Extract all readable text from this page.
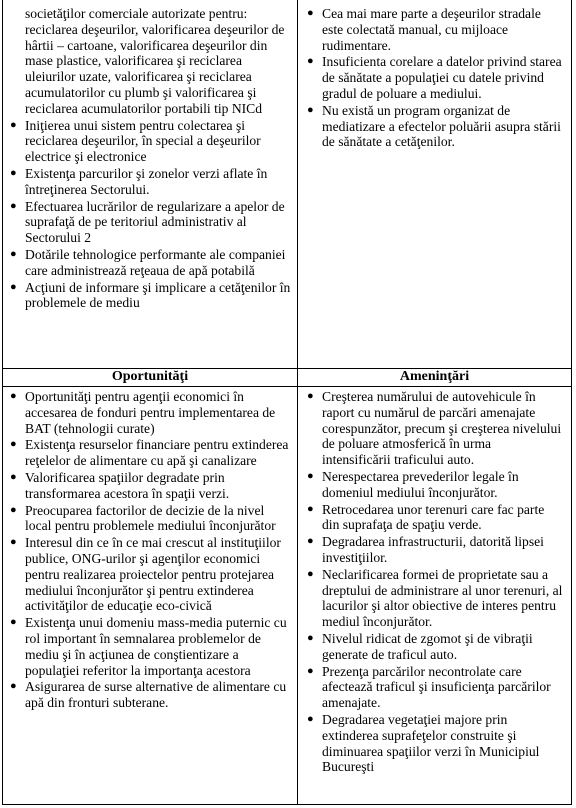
societăţilor comerciale autorizate pentru: reciclarea deşeurilor, valorificarea deşeurilor de hârtii – cartoane, valorificarea deşeurilor din mase plastice, valorificarea şi reciclarea uleiurilor uzate, valorificarea şi reciclarea acumulatorilor cu plumb şi valorificarea şi reciclarea acumulatorilor portabili tip NICd
● Iniţierea unui sistem pentru colectarea şi reciclarea deşeurilor, în special a deşeurilor electrice şi electronice
● Existenţa parcurilor şi zonelor verzi aflate în întreţinerea Sectorului.
● Efectuarea lucrărilor de regularizare a apelor de suprafaţă de pe teritoriul administrativ al Sectorului 2
● Dotările tehnologice performante ale companiei care administrează reţeaua de apă potabilă
● Acţiuni de informare şi implicare a cetăţenilor în problemele de mediu
● Cea mai mare parte a deşeurilor stradale este colectată manual, cu mijloace rudimentare.
● Insuficienta corelare a datelor privind starea de sănătate a populaţiei cu datele privind gradul de poluare a mediului.
● Nu există un program organizat de mediatizare a efectelor poluării asupra stării de sănătate a cetăţenilor.
Oportunităţi	Ameninţări
● Oportunităţi pentru agenţii economici în accesarea de fonduri pentru implementarea de BAT (tehnologii curate)
● Existenţa resurselor financiare pentru extinderea reţelelor de alimentare cu apă şi canalizare
● Valorificarea spaţiilor degradate prin transformarea acestora în spaţii verzi.
● Preocuparea factorilor de decizie de la nivel local pentru problemele mediului înconjurător
● Interesul din ce în ce mai crescut al instituţiilor publice, ONG-urilor şi agenţilor economici pentru realizarea proiectelor pentru protejarea mediului înconjurător şi pentru extinderea activităţilor de educaţie eco-civică
● Existenţa unui domeniu mass-media puternic cu rol important în semnalarea problemelor de mediu şi în acţiunea de conştientizare a populaţiei referitor la importanţa acestora
● Asigurarea de surse alternative de alimentare cu apă din fronturi subterane.
● Creşterea numărului de autovehicule în raport cu numărul de parcări amenajate corespunzător, precum şi creşterea nivelului de poluare atmosferică în urma intensificării traficului auto.
● Nerespectarea prevederilor legale în domeniul mediului înconjurător.
● Retrocedarea unor terenuri care fac parte din suprafaţa de spaţiu verde.
● Degradarea infrastructurii, datorită lipsei investiţiilor.
● Neclarificarea formei de proprietate sau a dreptului de administrare al unor terenuri, al lacurilor şi altor obiective de interes pentru mediul înconjurător.
● Nivelul ridicat de zgomot şi de vibraţii generate de traficul auto.
● Prezenţa parcărilor necontrolate care afectează traficul şi insuficienţa parcărilor amenajate.
● Degradarea vegetaţiei majore prin extinderea suprafeţelor construite şi diminuarea spaţiilor verzi în Municipiul Bucureşti
